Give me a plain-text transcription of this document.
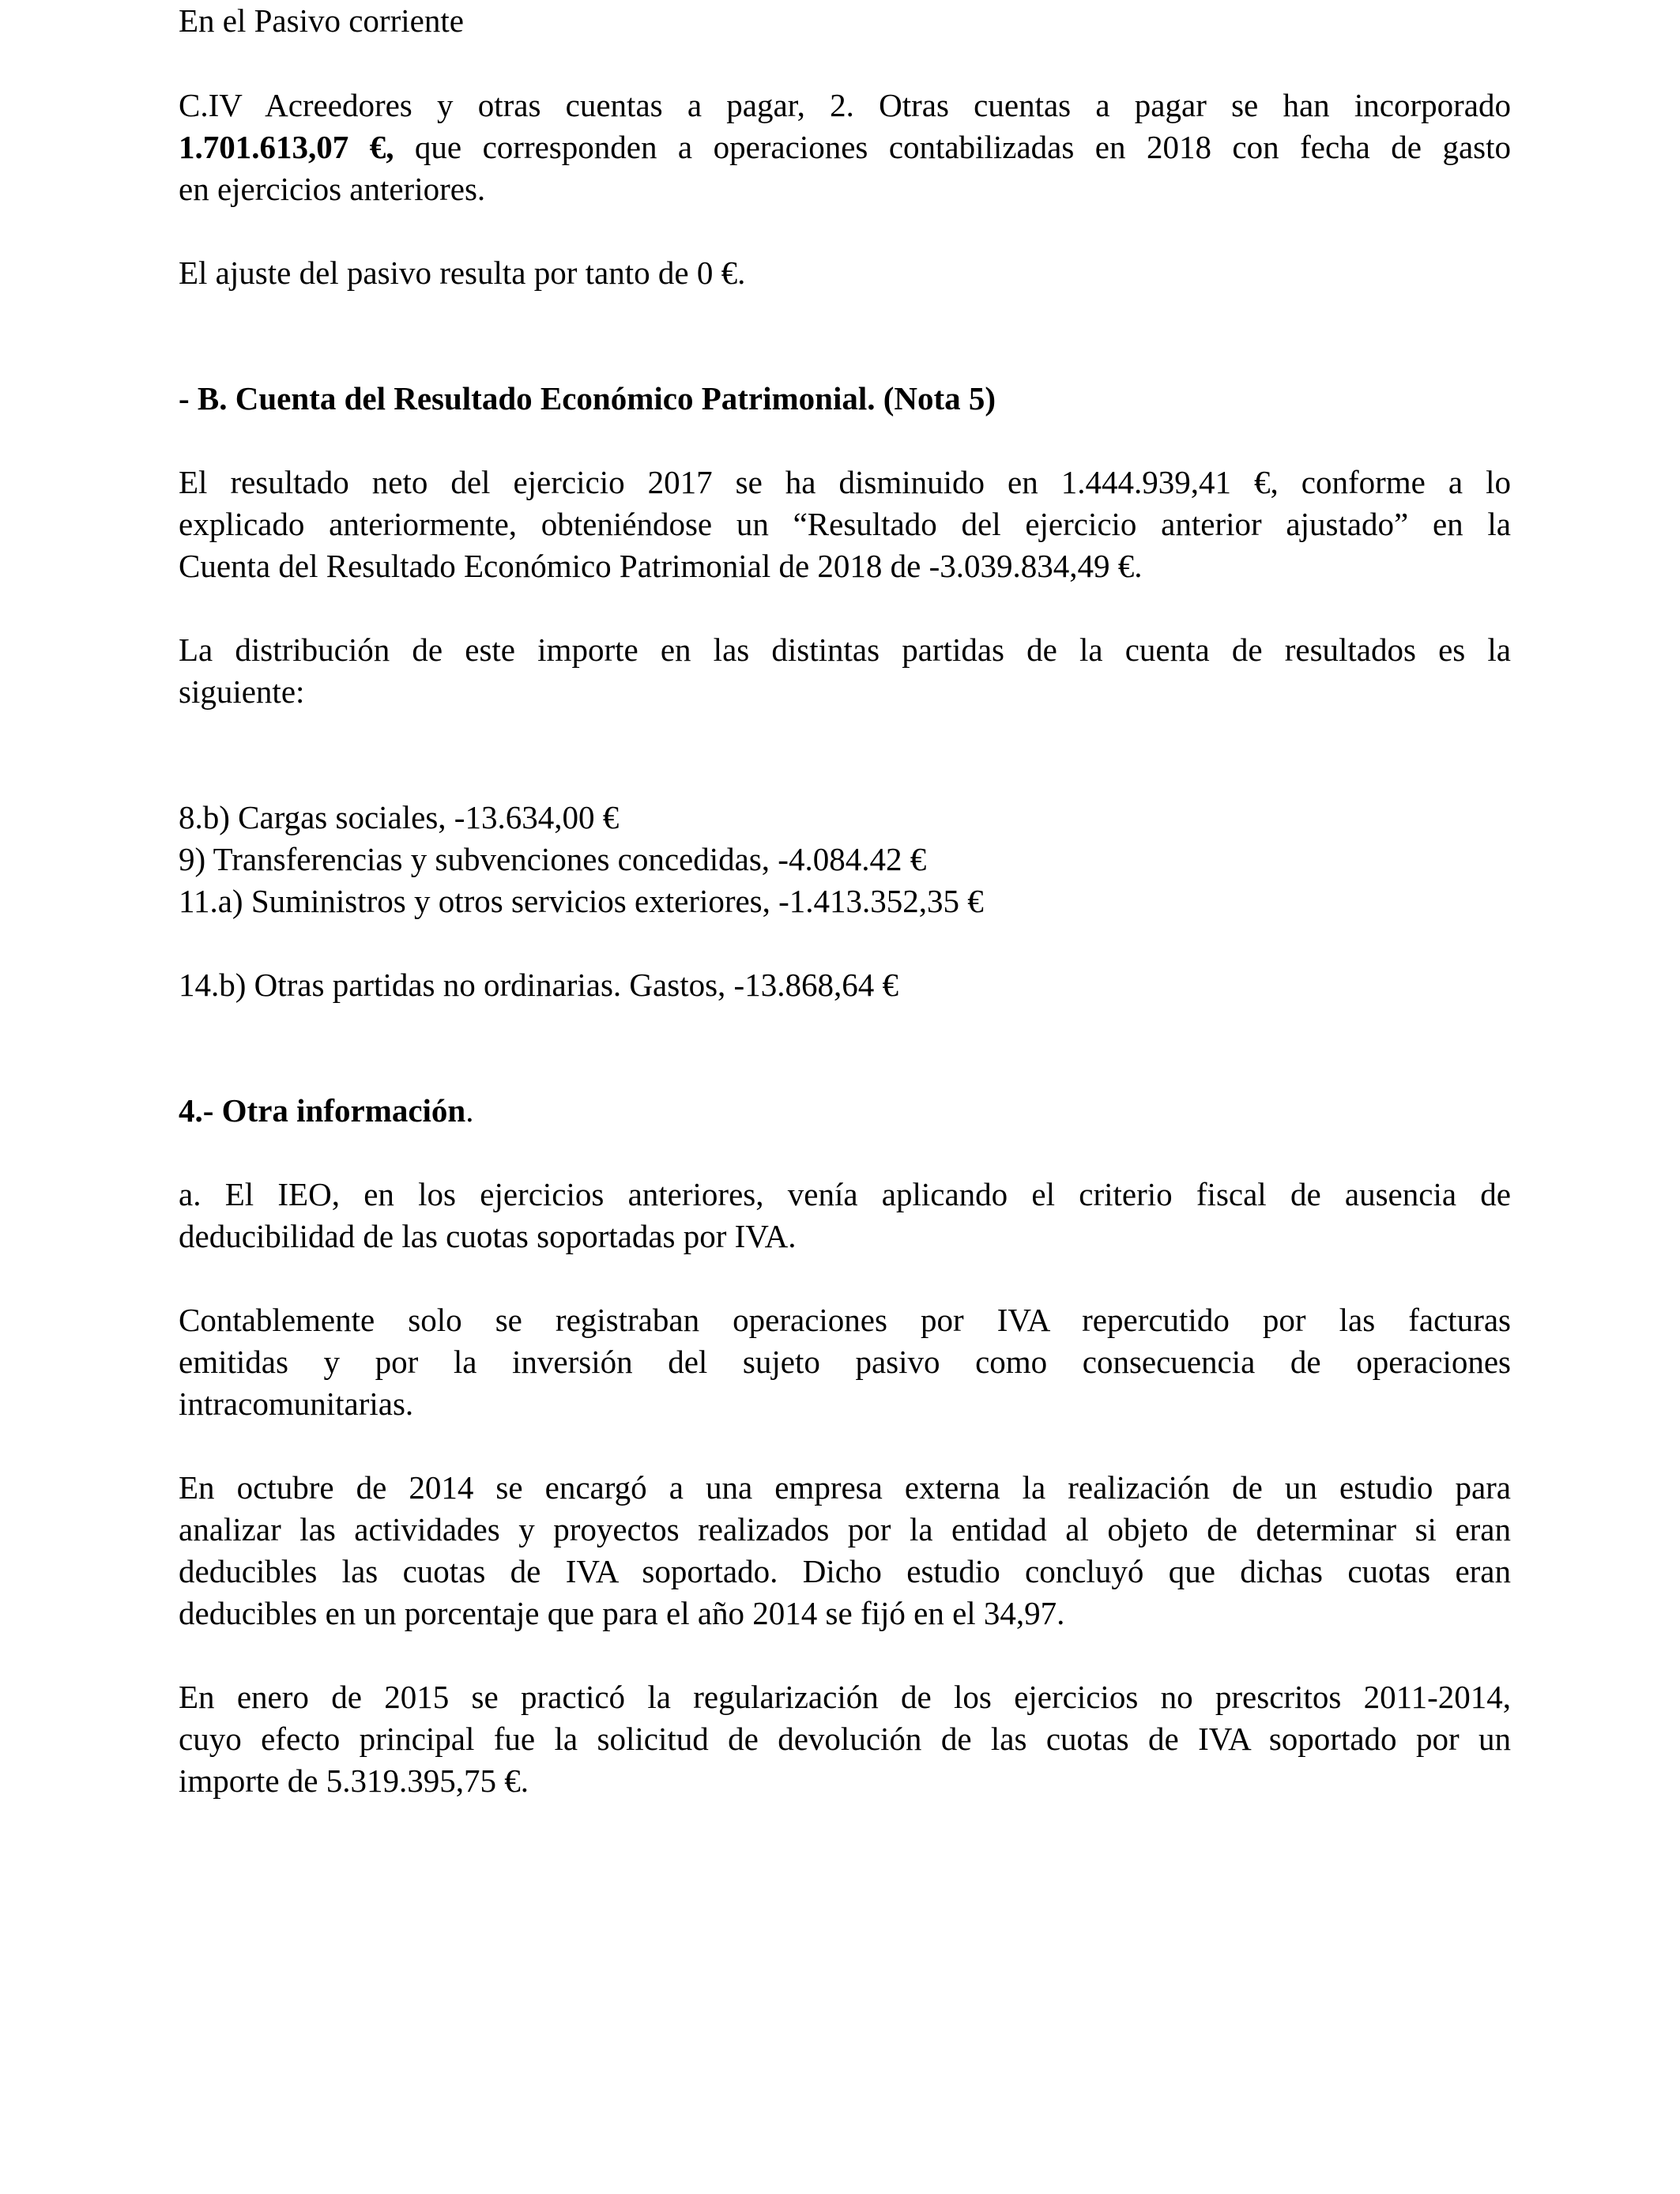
En el Pasivo corriente

C.IV Acreedores y otras cuentas a pagar, 2. Otras cuentas a pagar se han incorporado

1.701.613,07 €, que corresponden a operaciones contabilizadas en 2018 con fecha de gasto

en ejercicios anteriores.

El ajuste del pasivo resulta por tanto de 0 €.

- B. Cuenta del Resultado Económico Patrimonial. (Nota 5)

El resultado neto del ejercicio 2017 se ha disminuido en 1.444.939,41 €, conforme a lo

explicado anteriormente, obteniéndose un “Resultado del ejercicio anterior ajustado” en la

Cuenta del Resultado Económico Patrimonial de 2018 de -3.039.834,49 €.

La distribución de este importe en las distintas partidas de la cuenta de resultados es la

siguiente:

8.b) Cargas sociales, -13.634,00 €

9) Transferencias y subvenciones concedidas, -4.084.42 €

11.a) Suministros y otros servicios exteriores, -1.413.352,35 €

14.b) Otras partidas no ordinarias. Gastos, -13.868,64 €

4.- Otra información.

a. El IEO, en los ejercicios anteriores, venía aplicando el criterio fiscal de ausencia de

deducibilidad de las cuotas soportadas por IVA.

Contablemente solo se registraban operaciones por IVA repercutido por las facturas

emitidas y por la inversión del sujeto pasivo como consecuencia de operaciones

intracomunitarias.

En octubre de 2014 se encargó a una empresa externa la realización de un estudio para

analizar las actividades y proyectos realizados por la entidad al objeto de determinar si eran

deducibles las cuotas de IVA soportado. Dicho estudio concluyó que dichas cuotas eran

deducibles en un porcentaje que para el año 2014 se fijó en el 34,97.

En enero de 2015 se practicó la regularización de los ejercicios no prescritos 2011-2014,

cuyo efecto principal fue la solicitud de devolución de las cuotas de IVA soportado por un

importe de 5.319.395,75 €.
